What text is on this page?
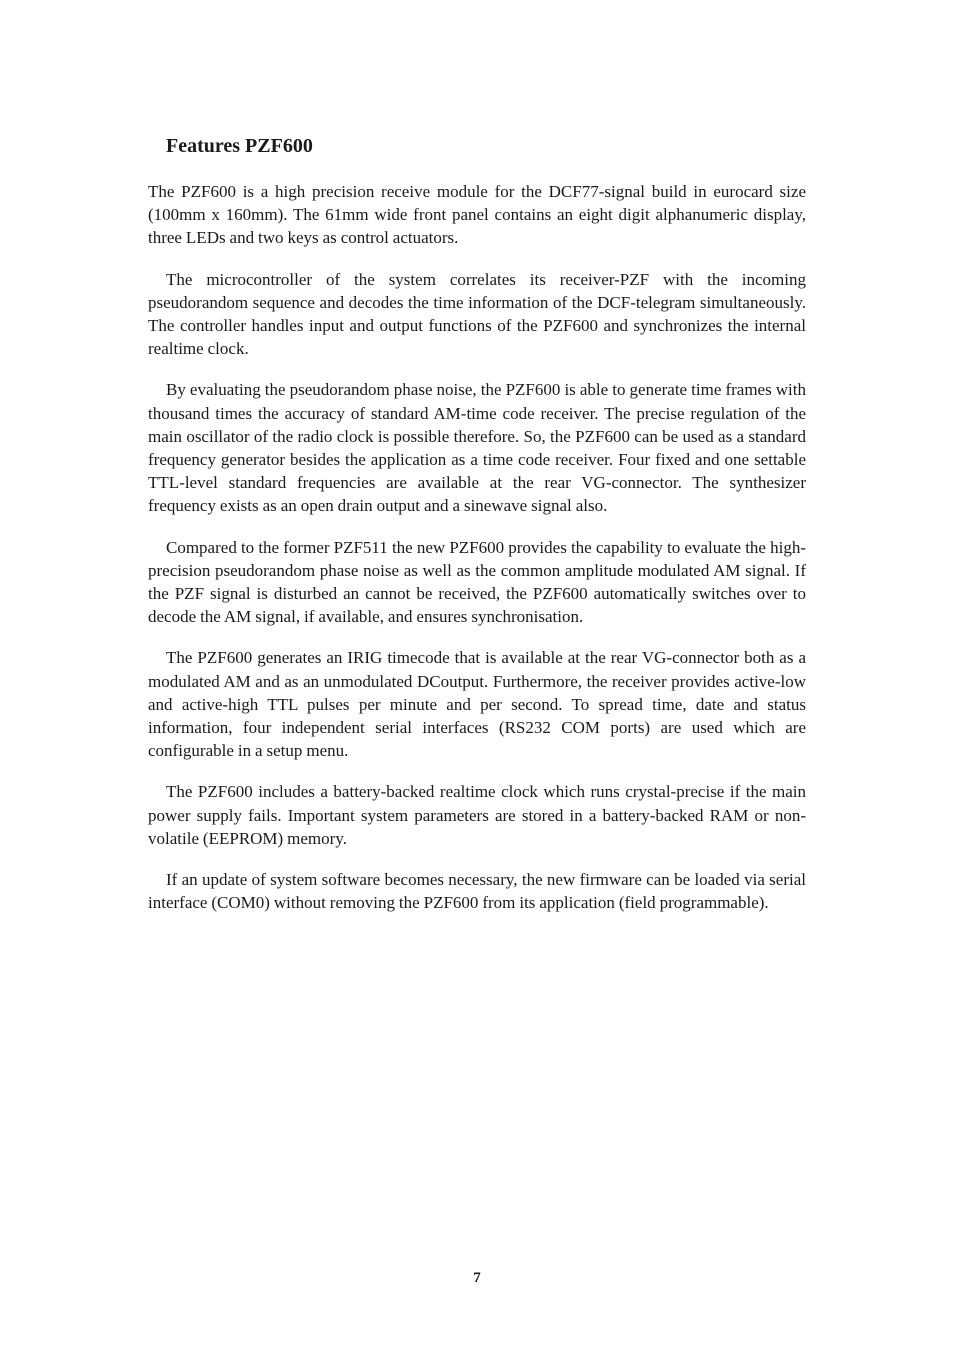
Features PZF600

The PZF600 is a high precision receive module for the DCF77-signal build in eurocard size (100mm x 160mm). The 61mm wide front panel contains an eight digit alphanumeric display, three LEDs and two keys as control actuators.

The microcontroller of the system correlates its receiver-PZF with the incoming pseudorandom sequence and decodes the time information of the DCF-telegram simultaneously. The controller handles input and output functions of the PZF600 and synchronizes the internal realtime clock.

By evaluating the pseudorandom phase noise, the PZF600 is able to generate time frames with thousand times the accuracy of standard AM-time code receiver. The precise regulation of the main oscillator of the radio clock is possible therefore. So, the PZF600 can be used as a standard frequency generator besides the application as a time code receiver. Four fixed and one settable TTL-level standard frequencies are available at the rear VG-connector. The synthesizer frequency exists as an open drain output and a sinewave signal also.

Compared to the former PZF511 the new PZF600 provides the capability to evaluate the high-precision pseudorandom phase noise as well as the common amplitude modulated AM signal. If the PZF signal is disturbed an cannot be received, the PZF600 automatically switches over to decode the AM signal, if available, and ensures synchronisation.

The PZF600 generates an IRIG timecode that is available at the rear VG-connector both as a modulated AM and as an unmodulated DCoutput. Furthermore, the receiver provides active-low and active-high TTL pulses per minute and per second. To spread time, date and status information, four independent serial interfaces (RS232 COM ports) are used which are configurable in a setup menu.

The PZF600 includes a battery-backed realtime clock which runs crystal-precise if the main power supply fails. Important system parameters are stored in a battery-backed RAM or non-volatile (EEPROM) memory.

If an update of system software becomes necessary, the new firmware can be loaded via serial interface (COM0) without removing the PZF600 from its application (field programmable).

7
